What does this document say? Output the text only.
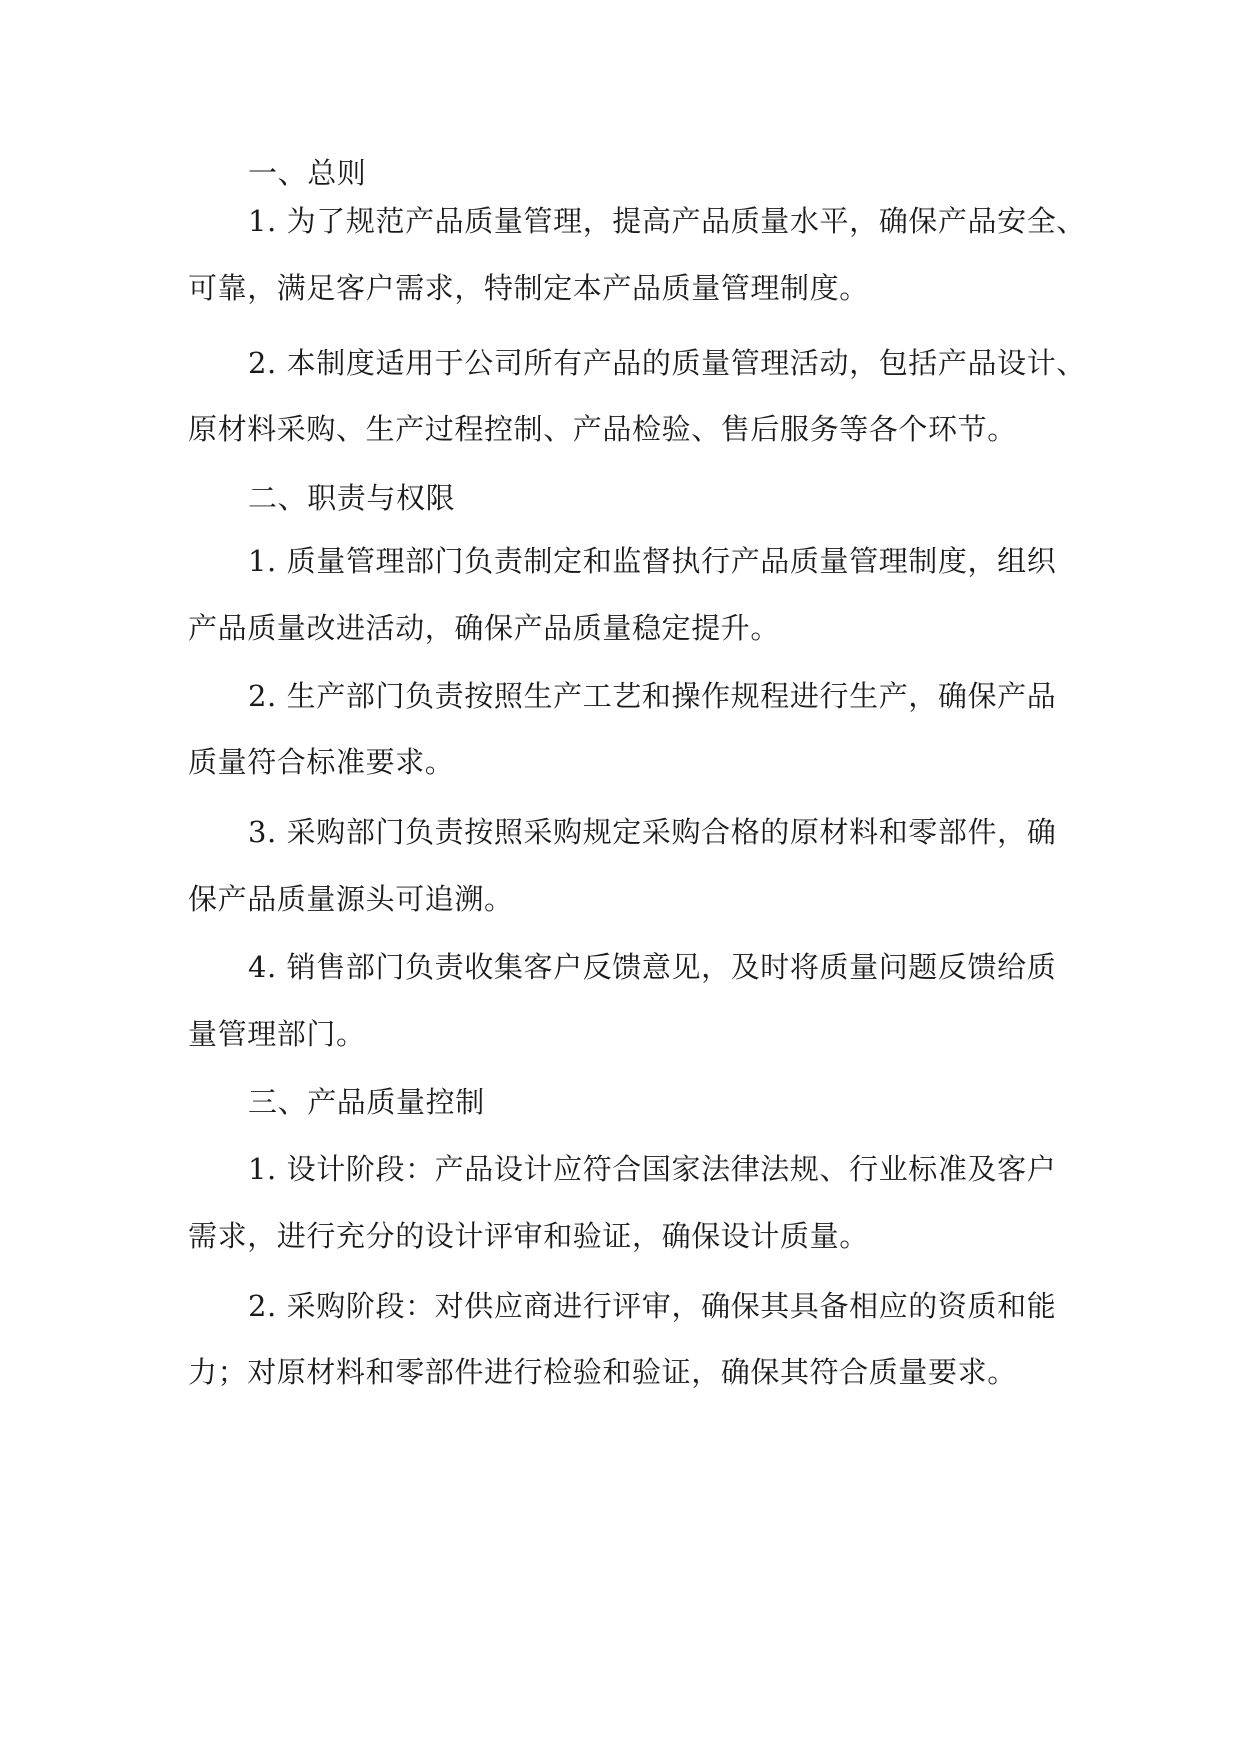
一、总则
1. 为了规范产品质量管理，提高产品质量水平，确保产品安全、
可靠，满足客户需求，特制定本产品质量管理制度。
2. 本制度适用于公司所有产品的质量管理活动，包括产品设计、
原材料采购、生产过程控制、产品检验、售后服务等各个环节。
二、职责与权限
1. 质量管理部门负责制定和监督执行产品质量管理制度，组织
产品质量改进活动，确保产品质量稳定提升。
2. 生产部门负责按照生产工艺和操作规程进行生产，确保产品
质量符合标准要求。
3. 采购部门负责按照采购规定采购合格的原材料和零部件，确
保产品质量源头可追溯。
4. 销售部门负责收集客户反馈意见，及时将质量问题反馈给质
量管理部门。
三、产品质量控制
1. 设计阶段：产品设计应符合国家法律法规、行业标准及客户
需求，进行充分的设计评审和验证，确保设计质量。
2. 采购阶段：对供应商进行评审，确保其具备相应的资质和能
力；对原材料和零部件进行检验和验证，确保其符合质量要求。
